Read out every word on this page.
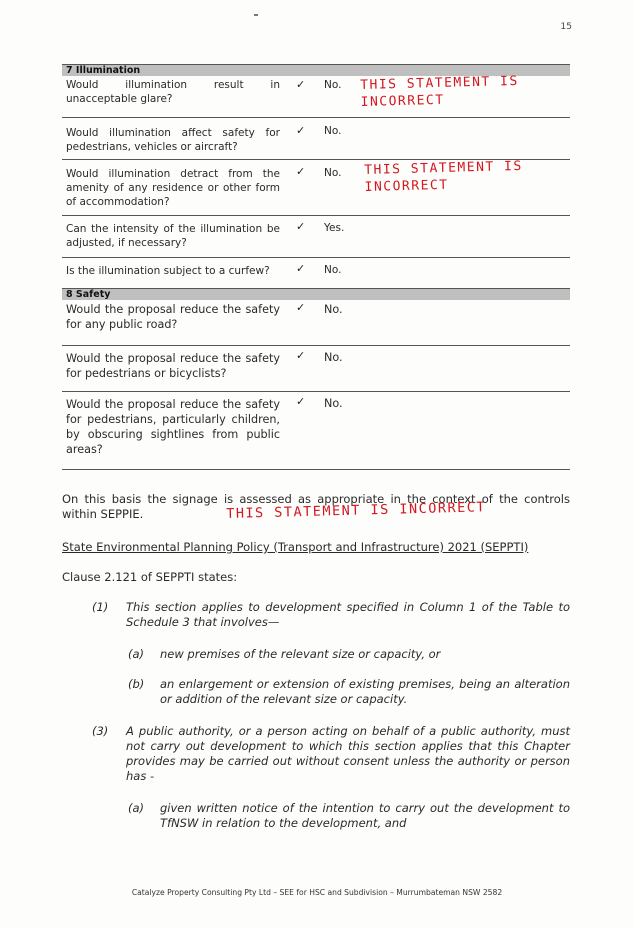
15
7 Illumination
Would illumination result in unacceptable glare?
✓ No. THIS STATEMENT IS
INCORRECT
Would illumination affect safety for pedestrians, vehicles or aircraft?
✓ No.
Would illumination detract from the amenity of any residence or other form of accommodation?
✓ No. THIS STATEMENT IS
INCORRECT
Can the intensity of the illumination be adjusted, if necessary?
✓ Yes.
Is the illumination subject to a curfew?	✓ No.
8 Safety
Would the proposal reduce the safety for any public road?
✓ No.
Would the proposal reduce the safety for pedestrians or bicyclists?
✓ No.
Would the proposal reduce the safety for pedestrians, particularly children, by obscuring sightlines from public areas?
✓ No.
On this basis the signage is assessed as appropriate in the context of the controls within SEPPIE.	THIS STATEMENT IS INCORRECT
State Environmental Planning Policy (Transport and Infrastructure) 2021 (SEPPTI)
Clause 2.121 of SEPPTI states:
(1) This section applies to development specified in Column 1 of the Table to Schedule 3 that involves—
(a) new premises of the relevant size or capacity, or
(b) an enlargement or extension of existing premises, being an alteration or addition of the relevant size or capacity.
(3) A public authority, or a person acting on behalf of a public authority, must not carry out development to which this section applies that this Chapter provides may be carried out without consent unless the authority or person has -
(a) given written notice of the intention to carry out the development to TfNSW in relation to the development, and
Catalyze Property Consulting Pty Ltd – SEE for HSC and Subdivision – Murrumbateman NSW 2582
